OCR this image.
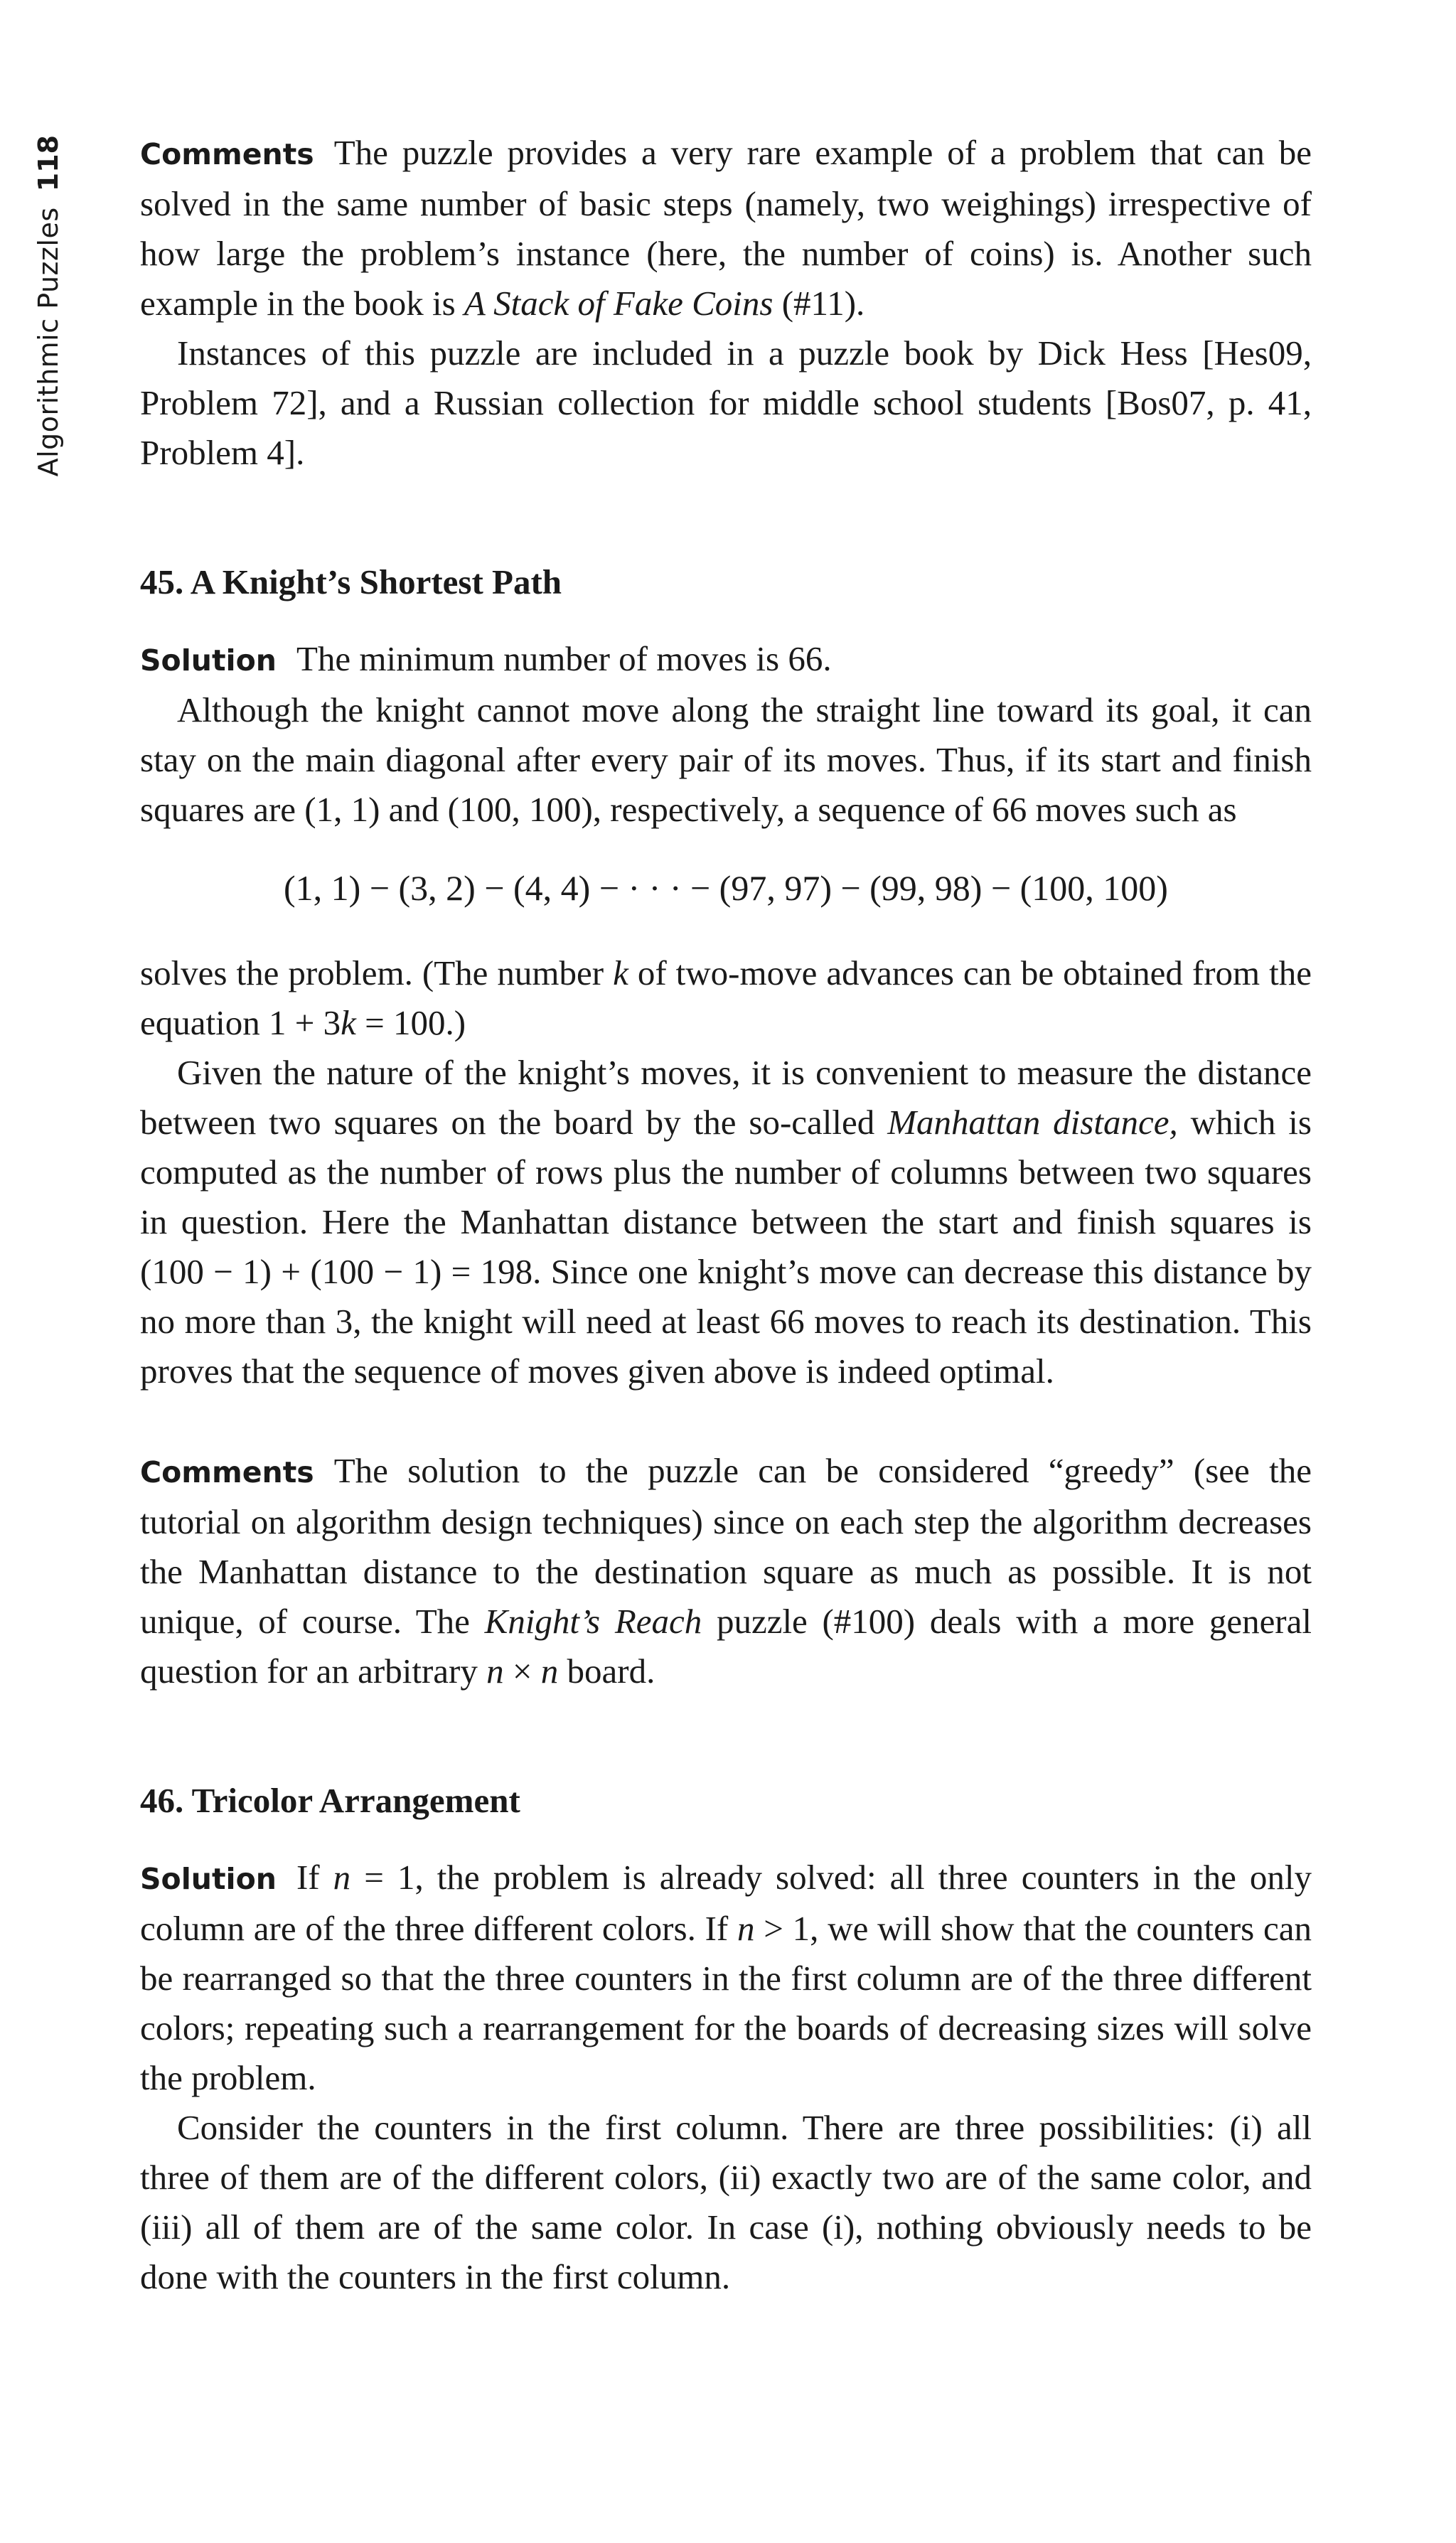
Algorithmic Puzzles
118	Comments The puzzle provides a very rare example of a problem that can be solved in the same number of basic steps (namely, two weighings) irrespective of how large the problem’s instance (here, the number of coins) is. Another such example in the book is A Stack of Fake Coins (#11).

Instances of this puzzle are included in a puzzle book by Dick Hess [Hes09, Problem 72], and a Russian collection for middle school students [Bos07, p. 41, Problem 4].

45. A Knight’s Shortest Path

Solution The minimum number of moves is 66.

Although the knight cannot move along the straight line toward its goal, it can stay on the main diagonal after every pair of its moves. Thus, if its start and finish squares are (1, 1) and (100, 100), respectively, a sequence of 66 moves such as

(1, 1) − (3, 2) − (4, 4) − · · · − (97, 97) − (99, 98) − (100, 100)

solves the problem. (The number k of two-move advances can be obtained from the equation 1 + 3k = 100.)

Given the nature of the knight’s moves, it is convenient to measure the distance between two squares on the board by the so-called Manhattan distance, which is computed as the number of rows plus the number of columns between two squares in question. Here the Manhattan distance between the start and finish squares is (100 − 1) + (100 − 1) = 198. Since one knight’s move can decrease this distance by no more than 3, the knight will need at least 66 moves to reach its destination. This proves that the sequence of moves given above is indeed optimal.

Comments The solution to the puzzle can be considered “greedy” (see the tutorial on algorithm design techniques) since on each step the algorithm decreases the Manhattan distance to the destination square as much as possible. It is not unique, of course. The Knight’s Reach puzzle (#100) deals with a more general question for an arbitrary n × n board.

46. Tricolor Arrangement

Solution If n = 1, the problem is already solved: all three counters in the only column are of the three different colors. If n > 1, we will show that the counters can be rearranged so that the three counters in the first column are of the three different colors; repeating such a rearrangement for the boards of decreasing sizes will solve the problem.

Consider the counters in the first column. There are three possibilities: (i) all three of them are of the different colors, (ii) exactly two are of the same color, and (iii) all of them are of the same color. In case (i), nothing obviously needs to be done with the counters in the first column.
